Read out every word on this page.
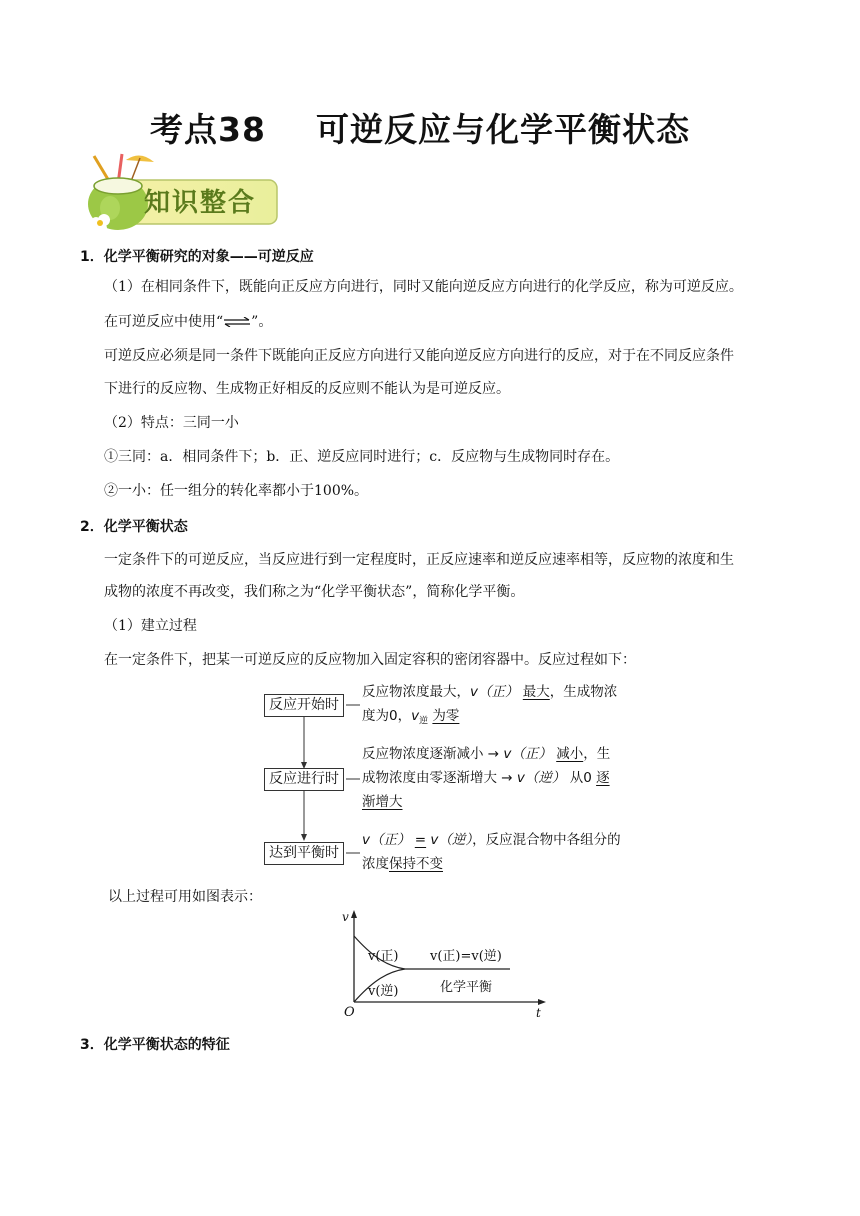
考点38 可逆反应与化学平衡状态
知识整合
1．化学平衡研究的对象——可逆反应
（1）在相同条件下，既能向正反应方向进行，同时又能向逆反应方向进行的化学反应，称为可逆反应。
在可逆反应中使用“⇌”。
可逆反应必须是同一条件下既能向正反应方向进行又能向逆反应方向进行的反应，对于在不同反应条件
下进行的反应物、生成物正好相反的反应则不能认为是可逆反应。
（2）特点：三同一小
①三同：a．相同条件下；b．正、逆反应同时进行；c．反应物与生成物同时存在。
②一小：任一组分的转化率都小于100%。
2．化学平衡状态
一定条件下的可逆反应，当反应进行到一定程度时，正反应速率和逆反应速率相等，反应物的浓度和生
成物的浓度不再改变，我们称之为“化学平衡状态”，简称化学平衡。
（1）建立过程
在一定条件下，把某一可逆反应的反应物加入固定容积的密闭容器中。反应过程如下：
反应开始时
反应物浓度最大，v（正） 最大，生成物浓
度为0，$v_逆$ 为零
反应进行时
反应物浓度逐渐减小 → v（正） 减小，生
成物浓度由零逐渐增大 → v（逆） 从0 逐
渐增大
达到平衡时
v（正） = v（逆），反应混合物中各组分的
浓度保持不变
以上过程可用如图表示：
v
t
O
v(正)
v(逆)
v(正)=v(逆)
化学平衡
3．化学平衡状态的特征
